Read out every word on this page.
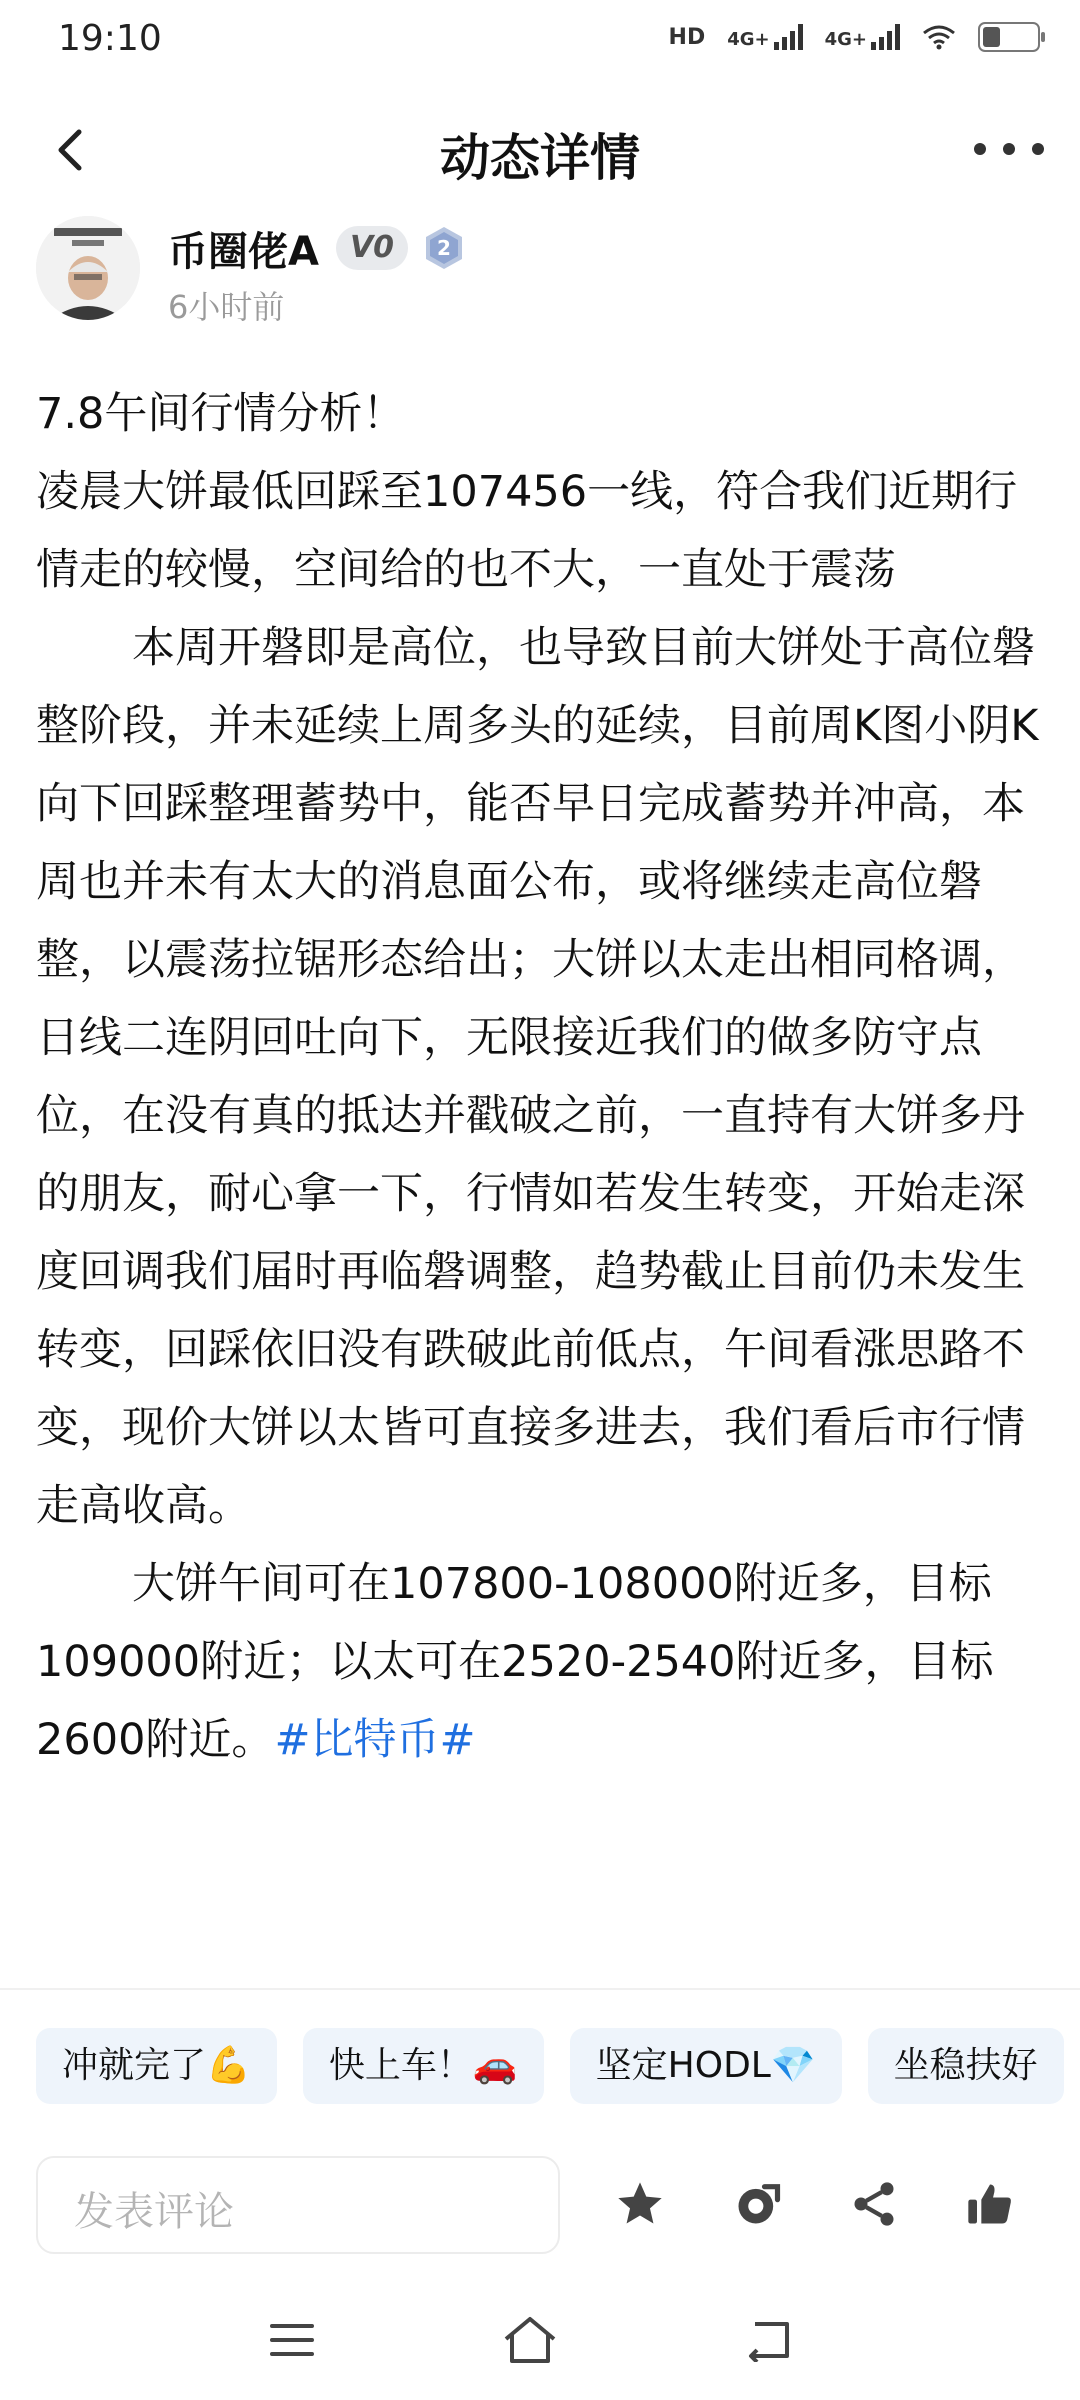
19:10	HD 4G+	4G+
动态详情
币圈佬A	V0	2
6小时前

7.8午间行情分析！

凌晨大饼最低回踩至107456一线，符合我们近期行情走的较慢，空间给的也不大，一直处于震荡

本周开磐即是高位，也导致目前大饼处于高位磐整阶段，并未延续上周多头的延续，目前周K图小阴K向下回踩整理蓄势中，能否早日完成蓄势并冲高，本周也并未有太大的消息面公布，或将继续走高位磐整，以震荡拉锯形态给出；大饼以太走出相同格调，日线二连阴回吐向下，无限接近我们的做多防守点位，在没有真的抵达并戳破之前，一直持有大饼多丹的朋友，耐心拿一下，行情如若发生转变，开始走深度回调我们届时再临磐调整，趋势截止目前仍未发生转变，回踩依旧没有跌破此前低点，午间看涨思路不变，现价大饼以太皆可直接多进去，我们看后市行情走高收高。

大饼午间可在107800-108000附近多，目标109000附近；以太可在2520-2540附近多，目标2600附近。#比特币#

冲就完了💪	快上车！🚗	坚定HODL💎	坐稳扶好
发表评论
